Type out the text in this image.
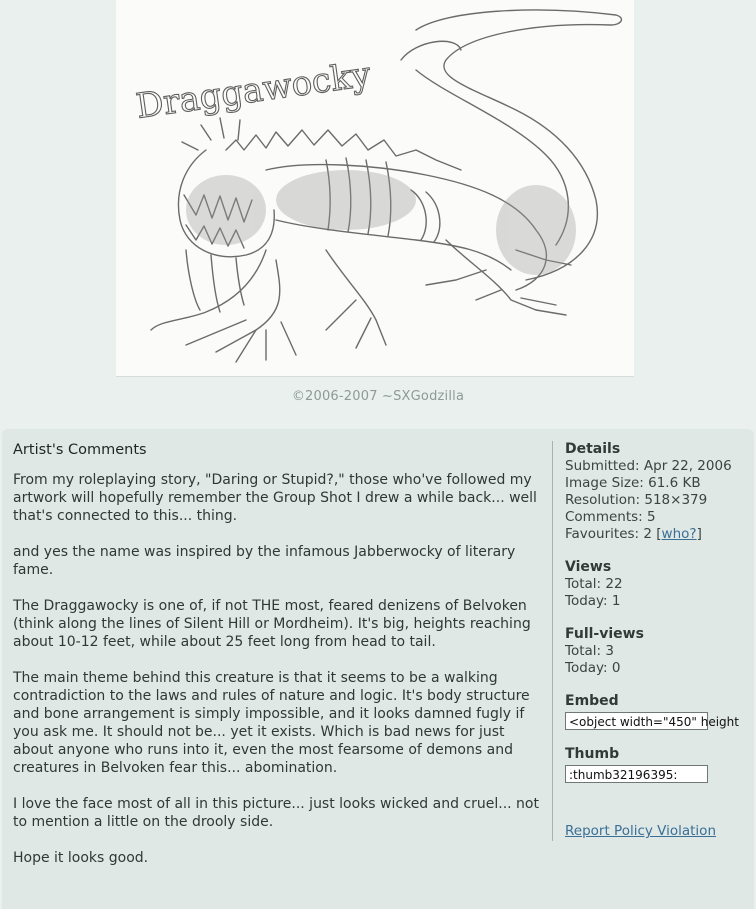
Draggawocky
©2006-2007 ~SXGodzilla
Artist's Comments

From my roleplaying story, "Daring or Stupid?," those who've followed my artwork will hopefully remember the Group Shot I drew a while back... well that's connected to this... thing.

and yes the name was inspired by the infamous Jabberwocky of literary fame.

The Draggawocky is one of, if not THE most, feared denizens of Belvoken (think along the lines of Silent Hill or Mordheim). It's big, heights reaching about 10-12 feet, while about 25 feet long from head to tail.

The main theme behind this creature is that it seems to be a walking contradiction to the laws and rules of nature and logic. It's body structure and bone arrangement is simply impossible, and it looks damned fugly if you ask me. It should not be... yet it exists. Which is bad news for just about anyone who runs into it, even the most fearsome of demons and creatures in Belvoken fear this... abomination.

I love the face most of all in this picture... just looks wicked and cruel... not to mention a little on the drooly side.

Hope it looks good.

Details
Submitted: Apr 22, 2006
Image Size: 61.6 KB
Resolution: 518×379
Comments: 5
Favourites: 2 [who?]
Views
Total: 22
Today: 1
Full-views
Total: 3
Today: 0
Embed
<object width="450" height
Thumb
:thumb32196395:
Report Policy Violation
